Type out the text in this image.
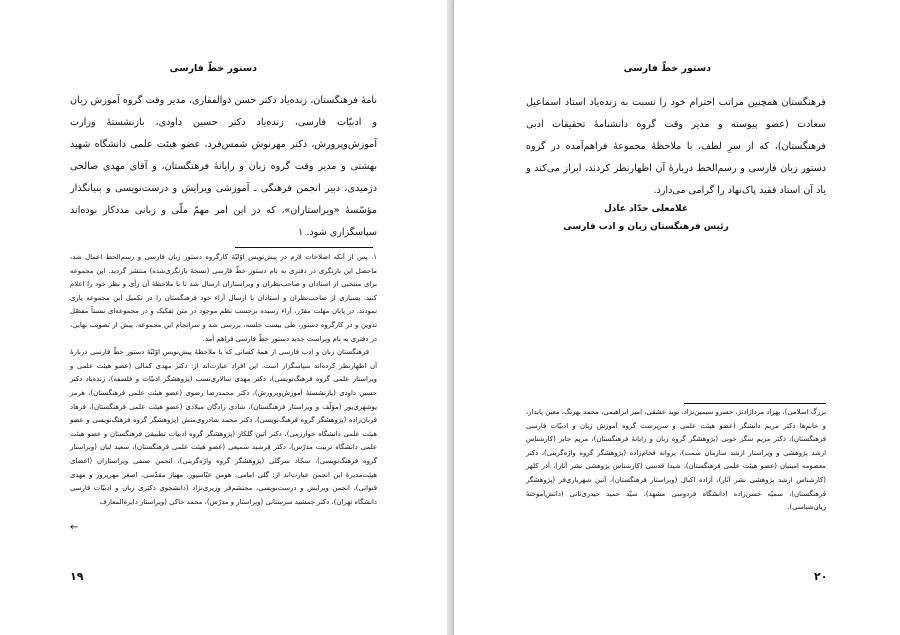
دستور خطّ فارسی
نامهٔ فرهنگستان، زنده‌یاد دکتر حسن ذوالفقاری، مدیر وقت گروه آموزش زبان و ادبیّات فارسی، زنده‌یاد دکتر حسین داودی، بازنشستهٔ وزارت آموزش‌وپرورش، دکتر مهرنوش شمس‌فرد، عضو هیئت علمی دانشگاه شهید بهشتی و مدیر وقت گروه زبان و رایانهٔ فرهنگستان، و آقای مهدی صالحی دژمیدی، دبیر انجمن فرهنگی ـ آموزشی ویرایش و درست‌نویسی و بنیانگذار مؤسّسهٔ «ویراستاران»، که در این امر مهمّ ملّی و زبانی مددکار بوده‌اند سپاسگزاری شود. ۱

۱. پس از آنکه اصلاحات لازم در پیش‌نویس اوّلیّهٔ کارگروه دستور زبان فارسی و رسم‌الخط اعمال شد، ماحصل این بازنگری در دفتری به نام دستور خطّ فارسی (نسخهٔ بازنگری‌شده) منتشر گردید. این مجموعه برای منتخبی از استادان و صاحب‌نظران و ویراستاران ارسال شد تا با ملاحظهٔ آن رأی و نظر خود را اعلام کنند. بسیاری از صاحب‌نظران و استادان با ارسال آراء خود فرهنگستان را در تکمیل این مجموعه یاری نمودند. در پایان مهلت مقرّر، آراء رسیده برحسب نظم موجود در متن تفکیک و در مجموعه‌ای نسبتاً مفصّل تدوین و در کارگروه دستور، طی بیست جلسه، بررسی شد و سرانجام این مجموعه، پیش از تصویب نهایی، در دفتری به نام ویراست جدید دستور خطّ فارسی فراهم آمد.

فرهنگستان زبان و ادب فارسی از همهٔ کسانی که با ملاحظهٔ پیش‌نویس اوّلیّهٔ دستور خطّ فارسی دربارهٔ آن اظهارنظر کرده‌اند سپاسگزار است. این افراد عبارت‌اند از: دکتر مهدی کمالی (عضو هیئت علمی و ویراستار علمی گروه فرهنگ‌نویسی)، دکتر مهدی سالاری‌نسب (پژوهشگر ادبیّات و فلسفه)، زنده‌یاد دکتر حسین داودی (بازنشستهٔ آموزش‌وپرورش)، دکتر محمدرضا رضوی (عضو هیئت علمی فرهنگستان)، هرمز یوشهری‌پور (مؤلّف و ویراستار فرهنگستان)، شادی زادگان میلادی (عضو هیئت علمی فرهنگستان)، فرهاد قربان‌زاده (پژوهشگر گروه فرهنگ‌نویسی)، دکتر محمد شادروی‌منش (پژوهشگر گروه فرهنگ‌نویسی و عضو هیئت علمی دانشگاه خوارزمی)، دکتر آتین گلکار (پژوهشگر گروه ادبیات تطبیقی فرهنگستان و عضو هیئت علمی دانشگاه تربیت مدرّس)، دکتر فرشید سمیعی (عضو هیئت علمی فرهنگستان)، سعید لیان (ویراستار گروه فرهنگ‌نویسی)، سجّاد سرگلی (پژوهشگر گروه واژه‌گزینی)، انجمن صنفی ویراستاران (اعضای هیئت‌مدیرهٔ این انجمن عبارت‌اند از: گلی امامی، هومن عبّاسپور، مهناز مقدّسی، اصغر مهرپرور و مهدی قنواتی)، انجمن ویرایش و درست‌نویسی، محتشم‌فر وزیری‌نژاد (دانشجوی دکتری زبان و ادبیّات فارسی دانشگاه تهران)، دکتر جمشید سرستانی (ویراستار و مدرّس)، محمد خاکی (ویراستار دایرةالمعارف

←
۱۹
دستور خطّ فارسی
فرهنگستان همچنین مراتب احترام خود را نسبت به زنده‌یاد استاد اسماعیل سعادت (عضو پیوسته و مدیر وقت گروه دانشنامهٔ تحقیقات ادبی فرهنگستان)، که از سرِ لطف، با ملاحظهٔ مجموعهٔ فراهم‌آمده در گروه دستور زبان فارسی و رسم‌الخط دربارهٔ آن اظهارنظر کردند، ابراز می‌کند و یاد آن استاد فقید پاک‌نهاد را گرامی می‌دارد.
غلامعلی حدّاد عادل
رئیس فرهنگستان زبان و ادب فارسی
بزرگ اسلامی)، بهزاد مرداژادنژ، خسرو سیمین‌نژاد، نوید عشقی، امیر ابراهیمی، محمد بهرنگ، معین پایدار، و خانم‌ها دکتر مریم دانشگر (عضو هیئت علمی و سرپرست گروه آموزش زبان و ادبیّات فارسی فرهنگستان)، دکتر مریم سگر خوبی (پژوهشگر گروه زبان و رایانهٔ فرهنگستان)، مریم جابر (کارشناس ارشد پژوهشی و ویراستار ارشد سازمان سمت)، پروانه فخام‌زاده (پژوهشگر گروه واژه‌گزینی)، دکتر معصومه امینیان (عضو هیئت علمی فرهنگستان)، شیدا قدسی (کارشناس پژوهشی نشر آثار)، آذر کلهر (کارشناس ارشد پژوهشی نشر آثار)، آزاده اکبال (ویراستار فرهنگستان)، آتین شهریاری‌فر (پژوهشگر فرهنگستان)، سمیّه حسن‌زاده (دانشگاه فردوسی مشهد)، سیّد حمید حیدری‌ثانی (دانش‌آموختهٔ زبان‌شناسی).
۲۰
